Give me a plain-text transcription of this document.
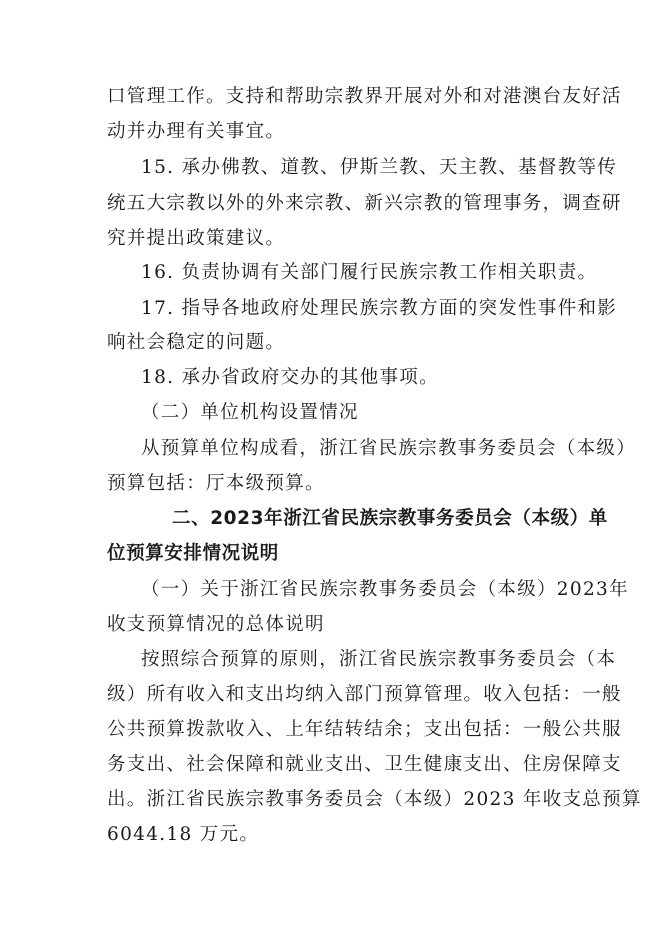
口管理工作。支持和帮助宗教界开展对外和对港澳台友好活
动并办理有关事宜。
15. 承办佛教、道教、伊斯兰教、天主教、基督教等传
统五大宗教以外的外来宗教、新兴宗教的管理事务，调查研
究并提出政策建议。
16. 负责协调有关部门履行民族宗教工作相关职责。
17. 指导各地政府处理民族宗教方面的突发性事件和影
响社会稳定的问题。
18. 承办省政府交办的其他事项。
（二）单位机构设置情况
从预算单位构成看，浙江省民族宗教事务委员会（本级）
预算包括：厅本级预算。
二、2023年浙江省民族宗教事务委员会（本级）单
位预算安排情况说明
（一）关于浙江省民族宗教事务委员会（本级）2023年
收支预算情况的总体说明
按照综合预算的原则，浙江省民族宗教事务委员会（本
级）所有收入和支出均纳入部门预算管理。收入包括：一般
公共预算拨款收入、上年结转结余；支出包括：一般公共服
务支出、社会保障和就业支出、卫生健康支出、住房保障支
出。浙江省民族宗教事务委员会（本级）2023 年收支总预算
6044.18 万元。
